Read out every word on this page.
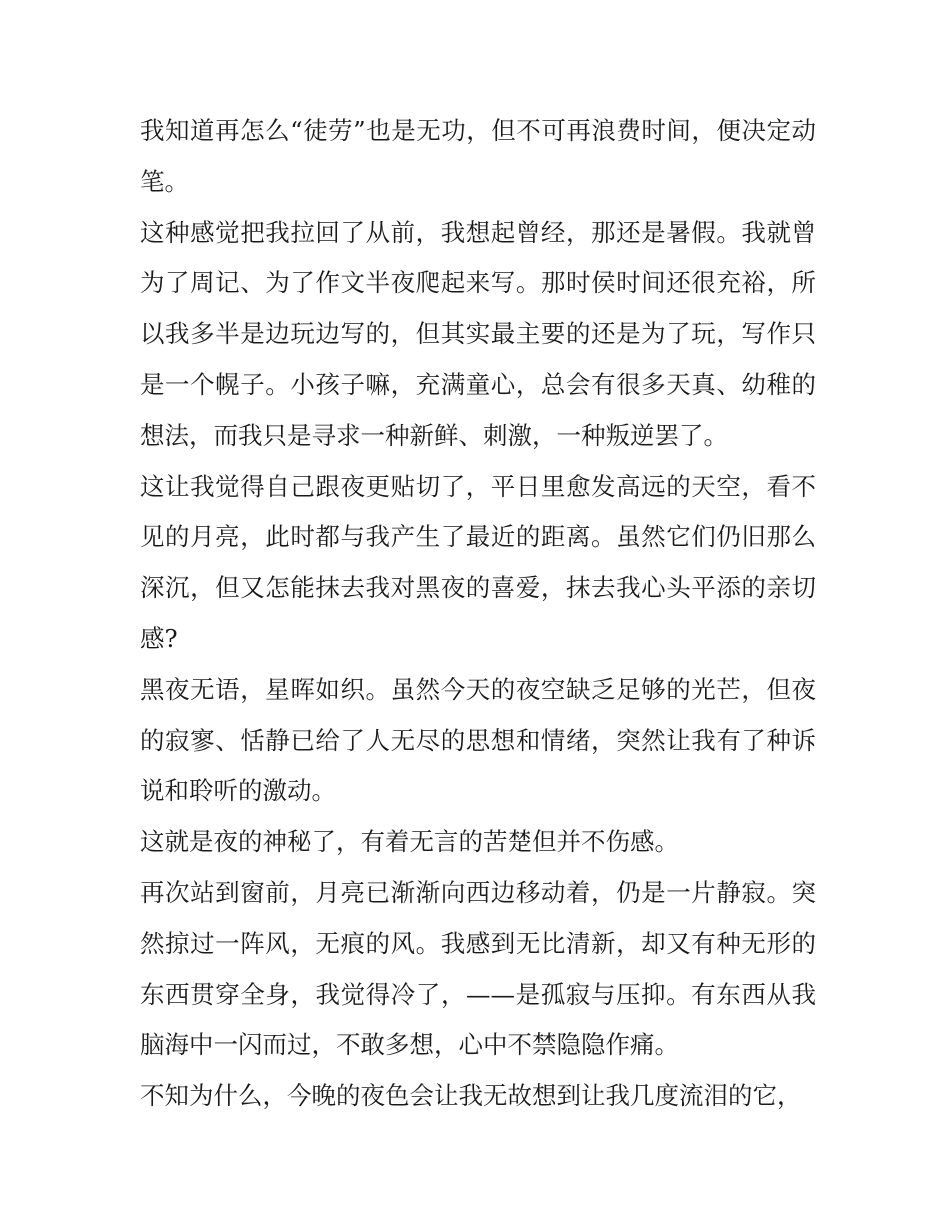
我知道再怎么“徒劳”也是无功，但不可再浪费时间，便决定动笔。

这种感觉把我拉回了从前，我想起曾经，那还是暑假。我就曾为了周记、为了作文半夜爬起来写。那时侯时间还很充裕，所以我多半是边玩边写的，但其实最主要的还是为了玩，写作只是一个幌子。小孩子嘛，充满童心，总会有很多天真、幼稚的想法，而我只是寻求一种新鲜、刺激，一种叛逆罢了。

这让我觉得自己跟夜更贴切了，平日里愈发高远的天空，看不见的月亮，此时都与我产生了最近的距离。虽然它们仍旧那么深沉，但又怎能抹去我对黑夜的喜爱，抹去我心头平添的亲切感?

黑夜无语，星晖如织。虽然今天的夜空缺乏足够的光芒，但夜的寂寥、恬静已给了人无尽的思想和情绪，突然让我有了种诉说和聆听的激动。

这就是夜的神秘了，有着无言的苦楚但并不伤感。

再次站到窗前，月亮已渐渐向西边移动着，仍是一片静寂。突然掠过一阵风，无痕的风。我感到无比清新，却又有种无形的东西贯穿全身，我觉得冷了，——是孤寂与压抑。有东西从我脑海中一闪而过，不敢多想，心中不禁隐隐作痛。

不知为什么，今晚的夜色会让我无故想到让我几度流泪的它，
